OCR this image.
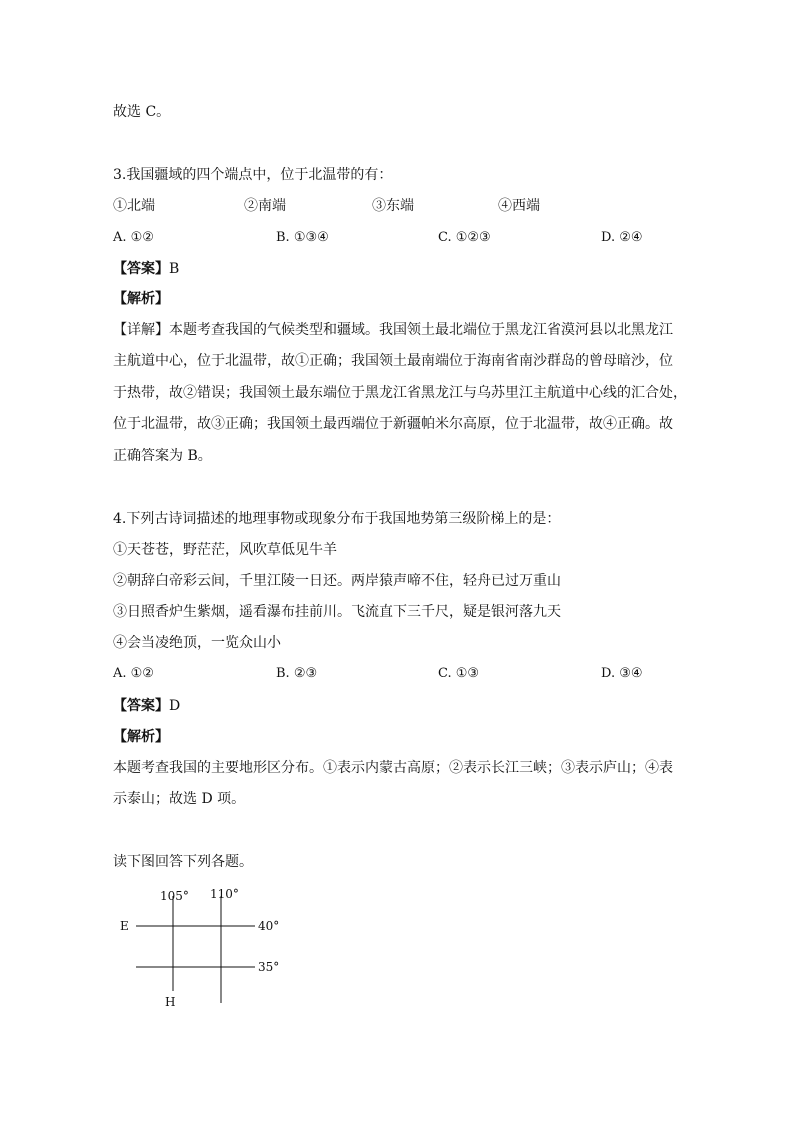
故选 C。
3.我国疆域的四个端点中，位于北温带的有：
①北端	②南端	③东端	④西端
A. ①②	B. ①③④	C. ①②③	D. ②④
【答案】B
【解析】
【详解】本题考查我国的气候类型和疆域。我国领土最北端位于黑龙江省漠河县以北黑龙江
主航道中心，位于北温带，故①正确；我国领土最南端位于海南省南沙群岛的曾母暗沙，位
于热带，故②错误；我国领土最东端位于黑龙江省黑龙江与乌苏里江主航道中心线的汇合处，
位于北温带，故③正确；我国领土最西端位于新疆帕米尔高原，位于北温带，故④正确。故
正确答案为 B。
4.下列古诗词描述的地理事物或现象分布于我国地势第三级阶梯上的是：
①天苍苍，野茫茫，风吹草低见牛羊
②朝辞白帝彩云间，千里江陵一日还。两岸猿声啼不住，轻舟已过万重山
③日照香炉生紫烟，遥看瀑布挂前川。飞流直下三千尺，疑是银河落九天
④会当凌绝顶，一览众山小
A. ①②	B. ②③	C. ①③	D. ③④
【答案】D
【解析】
本题考查我国的主要地形区分布。①表示内蒙古高原；②表示长江三峡；③表示庐山；④表
示泰山；故选 D 项。
读下图回答下列各题。
105° 110°
40°
35°
E
H
